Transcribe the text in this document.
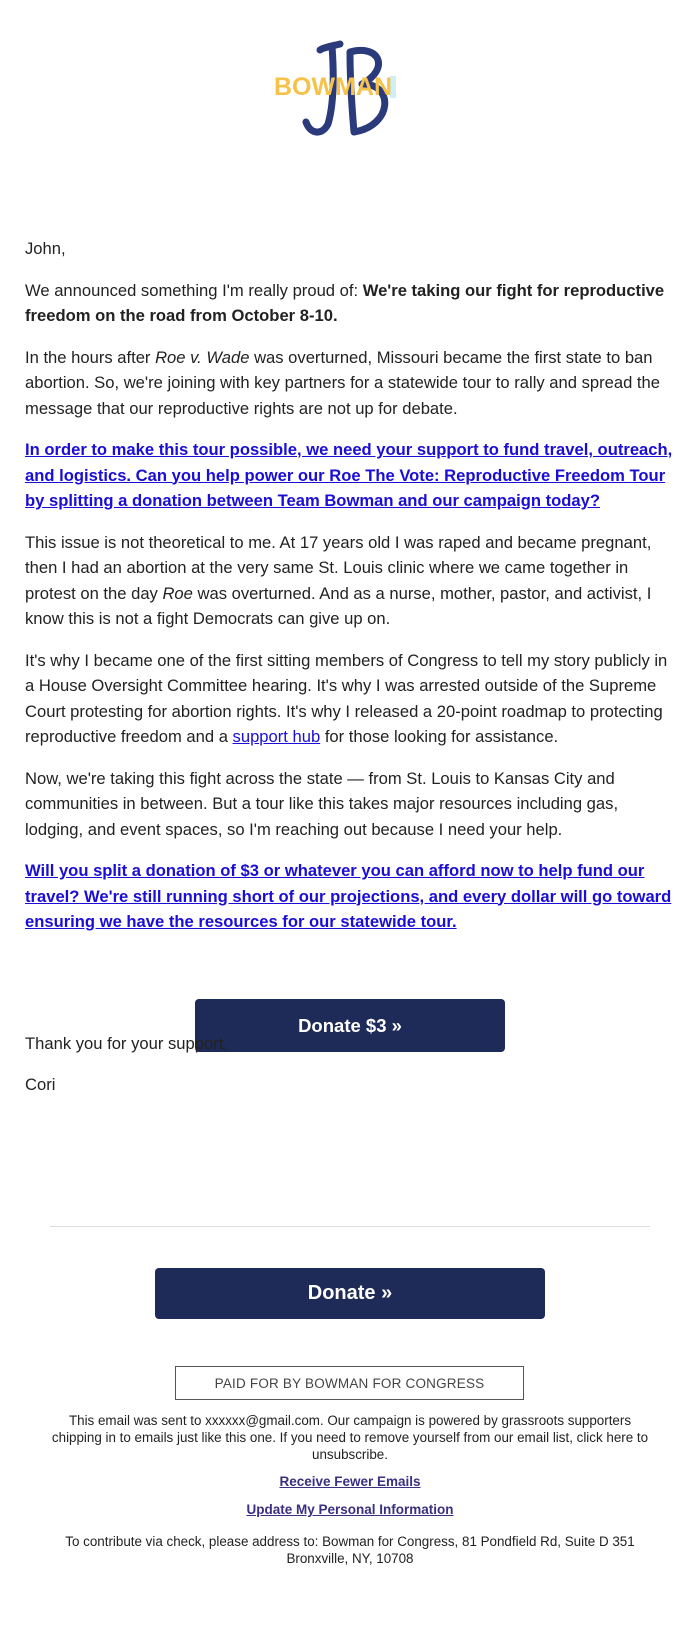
BOWMAN

John,

We announced something I'm really proud of: We're taking our fight for reproductive freedom on the road from October 8-10.

In the hours after Roe v. Wade was overturned, Missouri became the first state to ban abortion. So, we're joining with key partners for a statewide tour to rally and spread the message that our reproductive rights are not up for debate.

In order to make this tour possible, we need your support to fund travel, outreach, and logistics. Can you help power our Roe The Vote: Reproductive Freedom Tour by splitting a donation between Team Bowman and our campaign today?

This issue is not theoretical to me. At 17 years old I was raped and became pregnant, then I had an abortion at the very same St. Louis clinic where we came together in protest on the day Roe was overturned. And as a nurse, mother, pastor, and activist, I know this is not a fight Democrats can give up on.

It's why I became one of the first sitting members of Congress to tell my story publicly in a House Oversight Committee hearing. It's why I was arrested outside of the Supreme Court protesting for abortion rights. It's why I released a 20-point roadmap to protecting reproductive freedom and a support hub for those looking for assistance.

Now, we're taking this fight across the state — from St. Louis to Kansas City and communities in between. But a tour like this takes major resources including gas, lodging, and event spaces, so I'm reaching out because I need your help.

Will you split a donation of $3 or whatever you can afford now to help fund our travel? We're still running short of our projections, and every dollar will go toward ensuring we have the resources for our statewide tour.

Donate $3 »
Thank you for your support,
Cori
Donate »
PAID FOR BY BOWMAN FOR CONGRESS
This email was sent to xxxxxx@gmail.com. Our campaign is powered by grassroots supporters chipping in to emails just like this one. If you need to remove yourself from our email list, click here to unsubscribe.
Receive Fewer Emails
Update My Personal Information
To contribute via check, please address to: Bowman for Congress, 81 Pondfield Rd, Suite D 351 Bronxville, NY, 10708
